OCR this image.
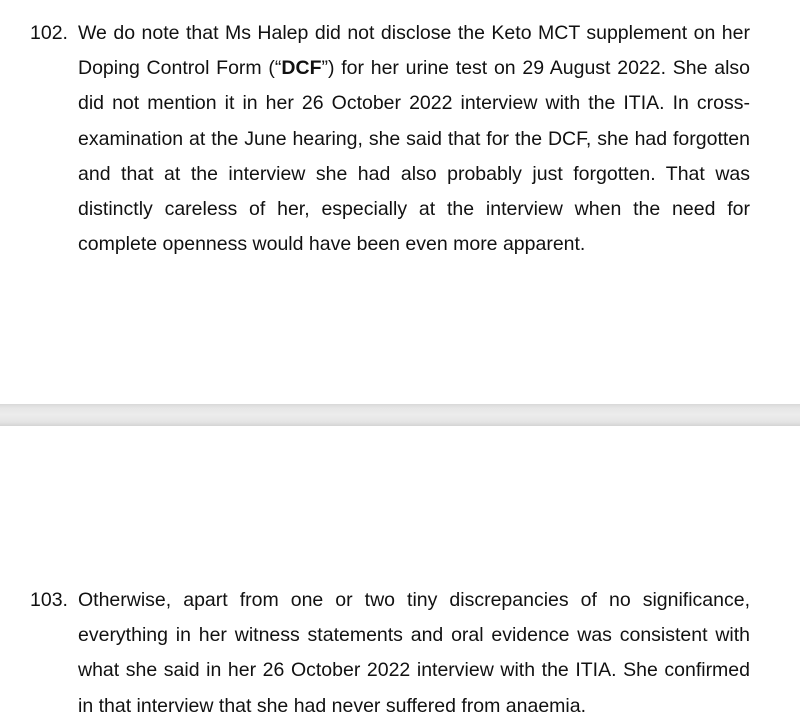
102. We do note that Ms Halep did not disclose the Keto MCT supplement on her
Doping Control Form (“DCF”) for her urine test on 29 August 2022. She also
did not mention it in her 26 October 2022 interview with the ITIA. In cross-
examination at the June hearing, she said that for the DCF, she had forgotten
and that at the interview she had also probably just forgotten. That was
distinctly careless of her, especially at the interview when the need for
complete openness would have been even more apparent.
103. Otherwise, apart from one or two tiny discrepancies of no significance,
everything in her witness statements and oral evidence was consistent with
what she said in her 26 October 2022 interview with the ITIA. She confirmed
in that interview that she had never suffered from anaemia.
